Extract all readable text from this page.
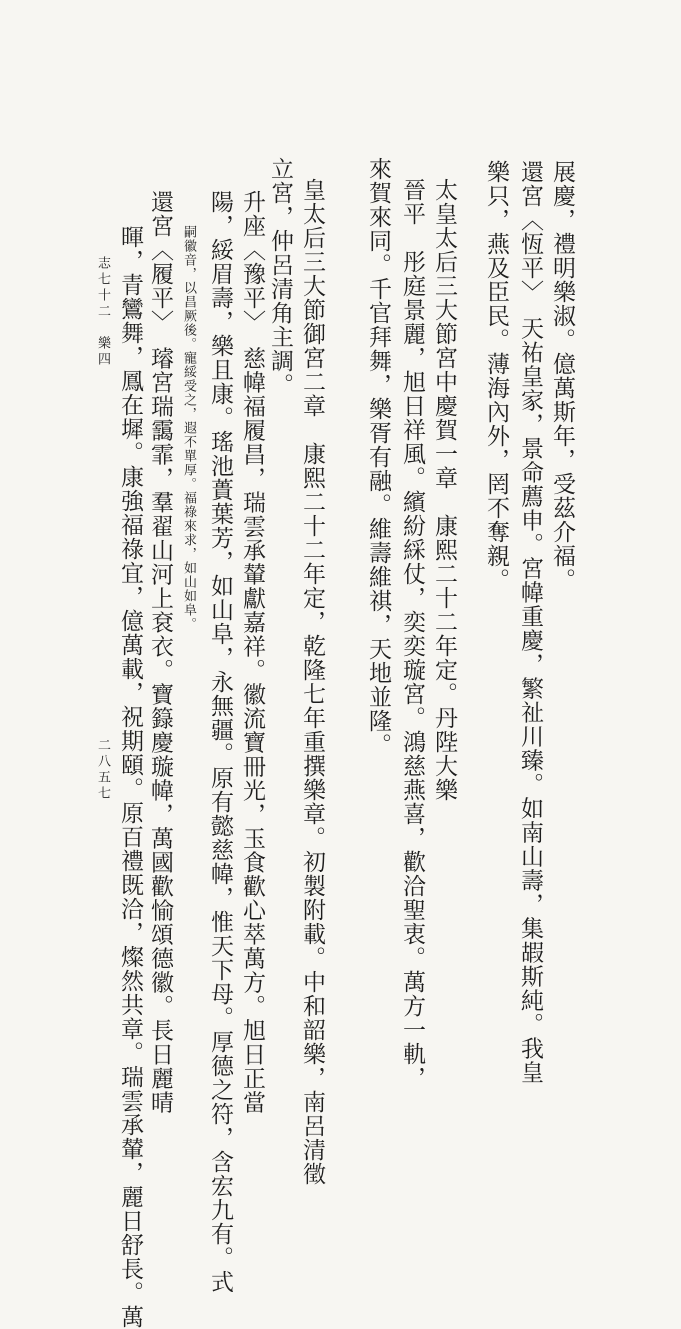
展慶，禮明樂淑。億萬斯年，受茲介福。
還宮〈恆平〉　天祐皇家，景命薦申。宮幃重慶，繁祉川臻。如南山壽，集嘏斯純。我皇
樂只，燕及臣民。薄海內外，罔不奪親。
太皇太后三大節宮中慶賀一章　康熙二十二年定。丹陛大樂
晉平　彤庭景麗，旭日祥風。繽紛綵仗，奕奕璇宮。鴻慈燕喜，歡洽聖衷。萬方一軌，
來賀來同。千官拜舞，樂胥有融。維壽維祺，天地並隆。
皇太后三大節御宮二章　康熙二十二年定，乾隆七年重撰樂章。初製附載。中和韶樂，南呂清徵
立宮，仲呂清角主調。
升座〈豫平〉　慈幃福履昌，瑞雲承輦獻嘉祥。徽流寶冊光，玉食歡心萃萬方。旭日正當
陽，綏眉壽，樂且康。瑤池蕢葉芳，如山阜，永無疆。原有懿慈幃，惟天下母。厚德之符，含宏九有。式
嗣徽音，以昌厥後。寵綏受之，遐不單厚。福祿來求，如山如阜。
還宮〈履平〉　璿宮瑞靄霏，羣翟山河上袞衣。寶籙慶璇幃，萬國歡愉頌德徽。長日麗晴
暉，青鸞舞，鳳在墀。康強福祿宜，億萬載，祝期頤。原百禮既洽，燦然共章。瑞雲承輦，麗日舒長。萬
志七十二　樂四
二八五七
